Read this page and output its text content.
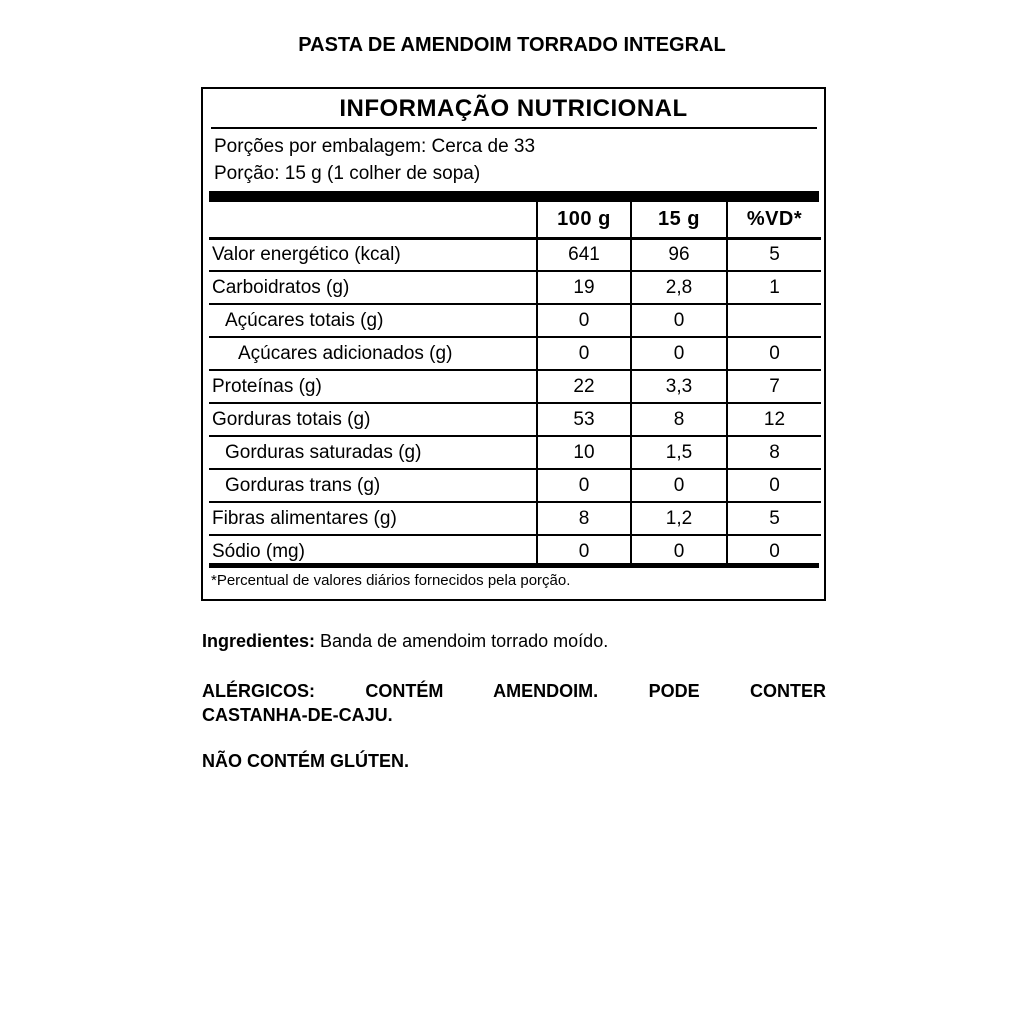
PASTA DE AMENDOIM TORRADO INTEGRAL
INFORMAÇÃO NUTRICIONAL
Porções por embalagem: Cerca de 33
Porção: 15 g (1 colher de sopa)
	100 g	15 g	%VD*
Valor energético (kcal)	641	96	5
Carboidratos (g)	19	2,8	1
Açúcares totais (g)	0	0	
Açúcares adicionados (g)	0	0	0
Proteínas (g)	22	3,3	7
Gorduras totais (g)	53	8	12
Gorduras saturadas (g)	10	1,5	8
Gorduras trans (g)	0	0	0
Fibras alimentares (g)	8	1,2	5
Sódio (mg)	0	0	0
*Percentual de valores diários fornecidos pela porção.
Ingredientes: Banda de amendoim torrado moído.
ALÉRGICOS: CONTÉM AMENDOIM. PODE CONTER
CASTANHA-DE-CAJU.
NÃO CONTÉM GLÚTEN.
